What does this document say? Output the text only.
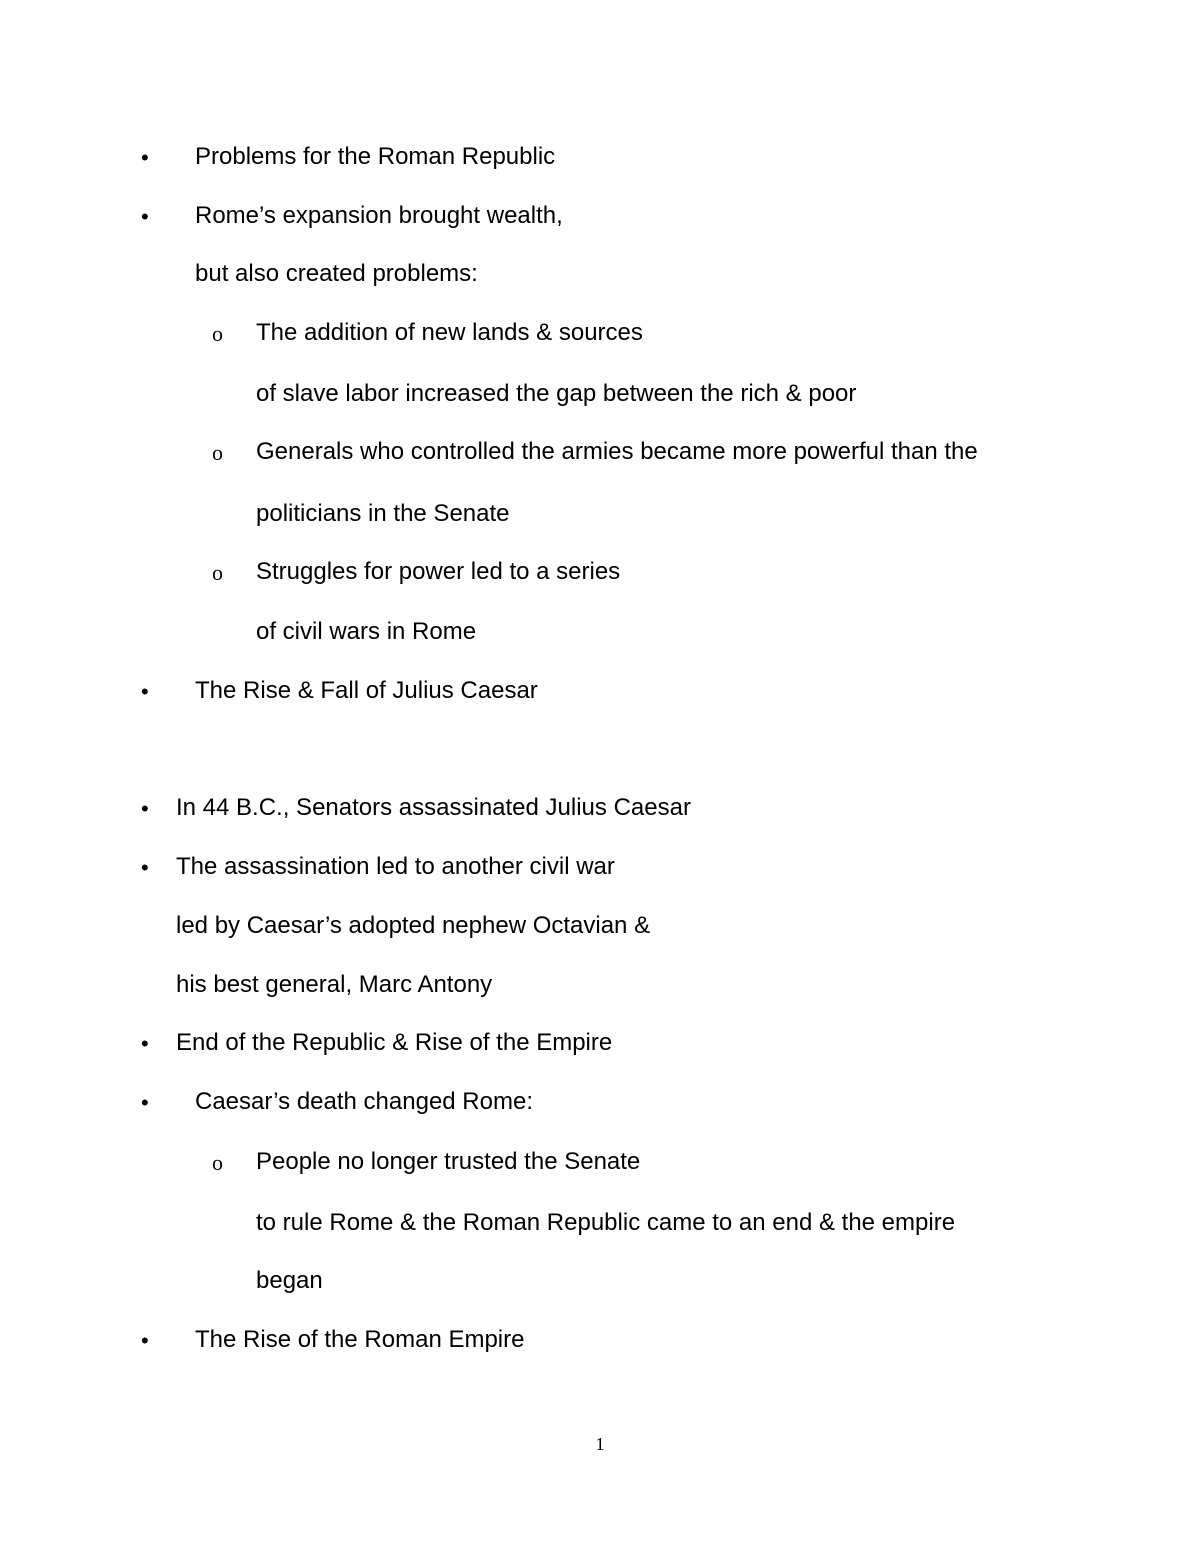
• Problems for the Roman Republic
• Rome’s expansion brought wealth,
but also created problems:
o The addition of new lands & sources
of slave labor increased the gap between the rich & poor
o Generals who controlled the armies became more powerful than the
politicians in the Senate
o Struggles for power led to a series
of civil wars in Rome
• The Rise & Fall of Julius Caesar
• In 44 B.C., Senators assassinated Julius Caesar
• The assassination led to another civil war
led by Caesar’s adopted nephew Octavian &
his best general, Marc Antony
• End of the Republic & Rise of the Empire
• Caesar’s death changed Rome:
o People no longer trusted the Senate
to rule Rome & the Roman Republic came to an end & the empire
began
• The Rise of the Roman Empire
1
